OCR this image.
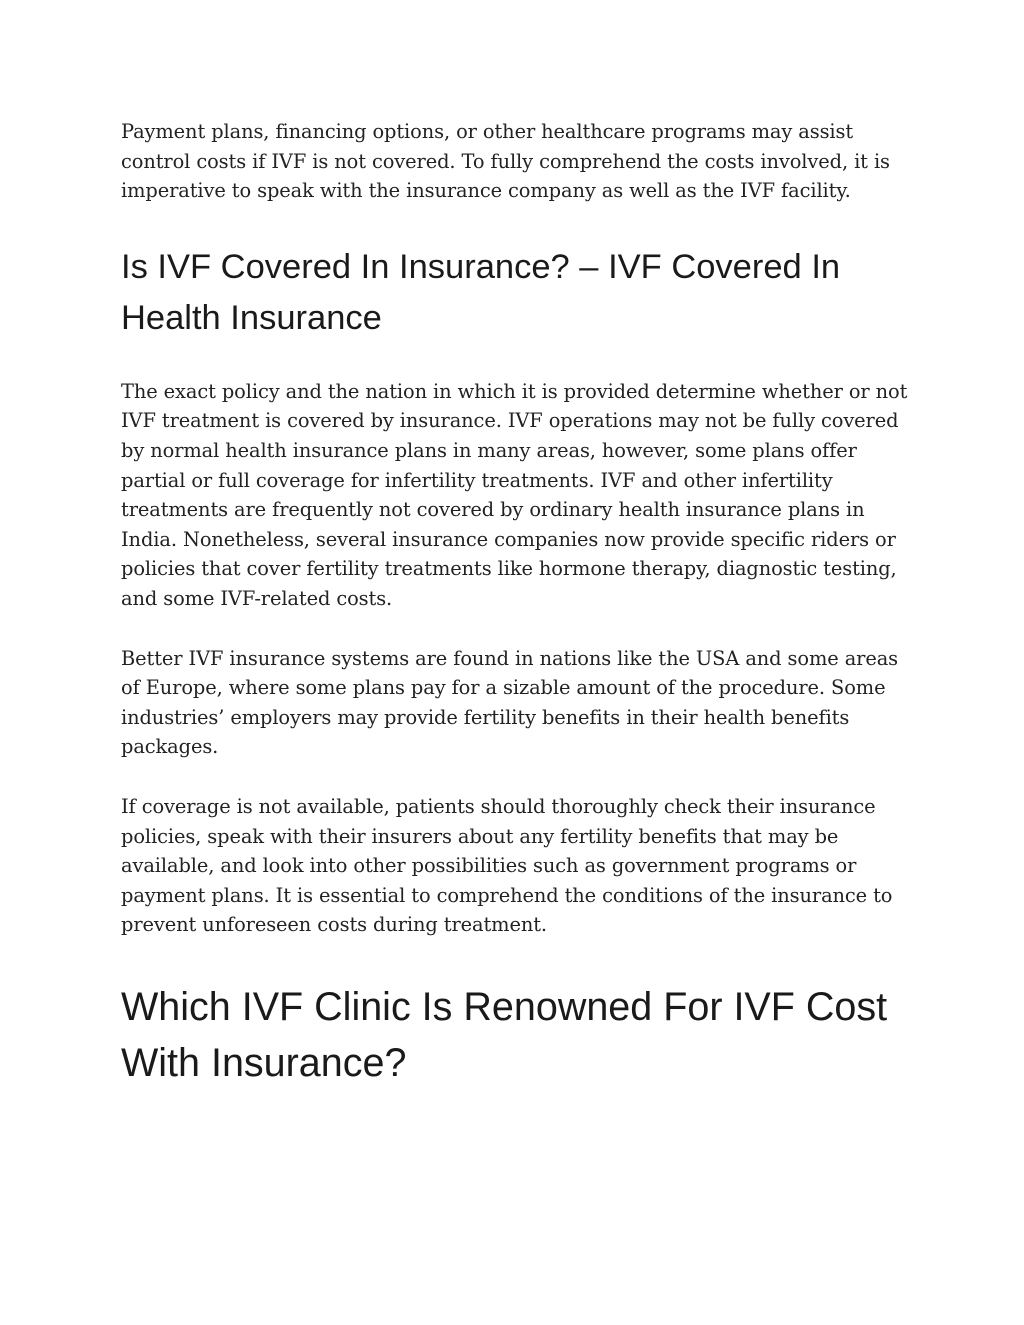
Payment plans, financing options, or other healthcare programs may assist control costs if IVF is not covered. To fully comprehend the costs involved, it is imperative to speak with the insurance company as well as the IVF facility.

Is IVF Covered In Insurance? – IVF Covered In Health Insurance

The exact policy and the nation in which it is provided determine whether or not IVF treatment is covered by insurance. IVF operations may not be fully covered by normal health insurance plans in many areas, however, some plans offer partial or full coverage for infertility treatments. IVF and other infertility treatments are frequently not covered by ordinary health insurance plans in India. Nonetheless, several insurance companies now provide specific riders or policies that cover fertility treatments like hormone therapy, diagnostic testing, and some IVF-related costs.

Better IVF insurance systems are found in nations like the USA and some areas of Europe, where some plans pay for a sizable amount of the procedure. Some industries’ employers may provide fertility benefits in their health benefits packages.

If coverage is not available, patients should thoroughly check their insurance policies, speak with their insurers about any fertility benefits that may be available, and look into other possibilities such as government programs or payment plans. It is essential to comprehend the conditions of the insurance to prevent unforeseen costs during treatment.

Which IVF Clinic Is Renowned For IVF Cost With Insurance?
